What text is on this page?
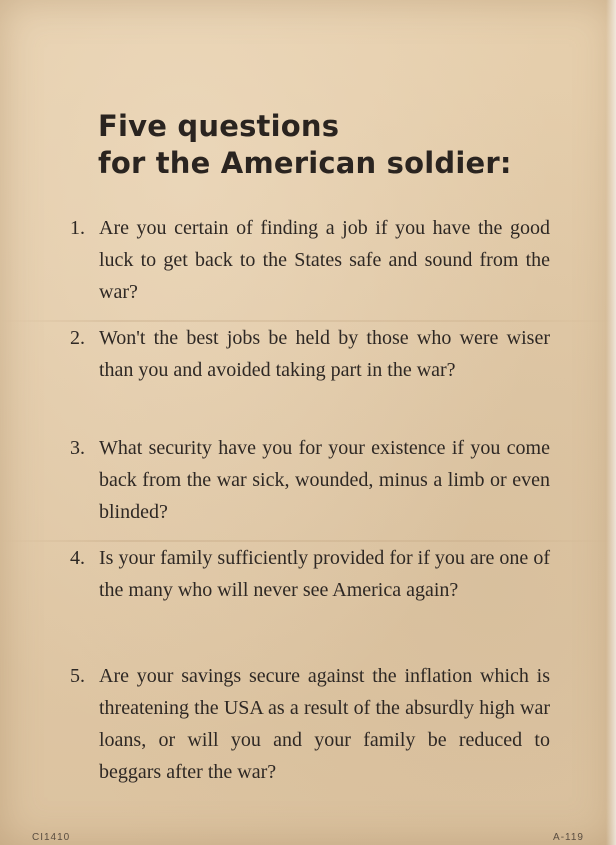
Five questions
for the American soldier:
1. Are you certain of finding a job if you have the good luck to get back to the States safe and sound from the war?
2. Won't the best jobs be held by those who were wiser than you and avoided taking part in the war?
3. What security have you for your existence if you come back from the war sick, wounded, minus a limb or even blinded?
4. Is your family sufficiently provided for if you are one of the many who will never see America again?
5. Are your savings secure against the inflation which is threatening the USA as a result of the absurdly high war loans, or will you and your family be reduced to beggars after the war?
CI1410	A-119
